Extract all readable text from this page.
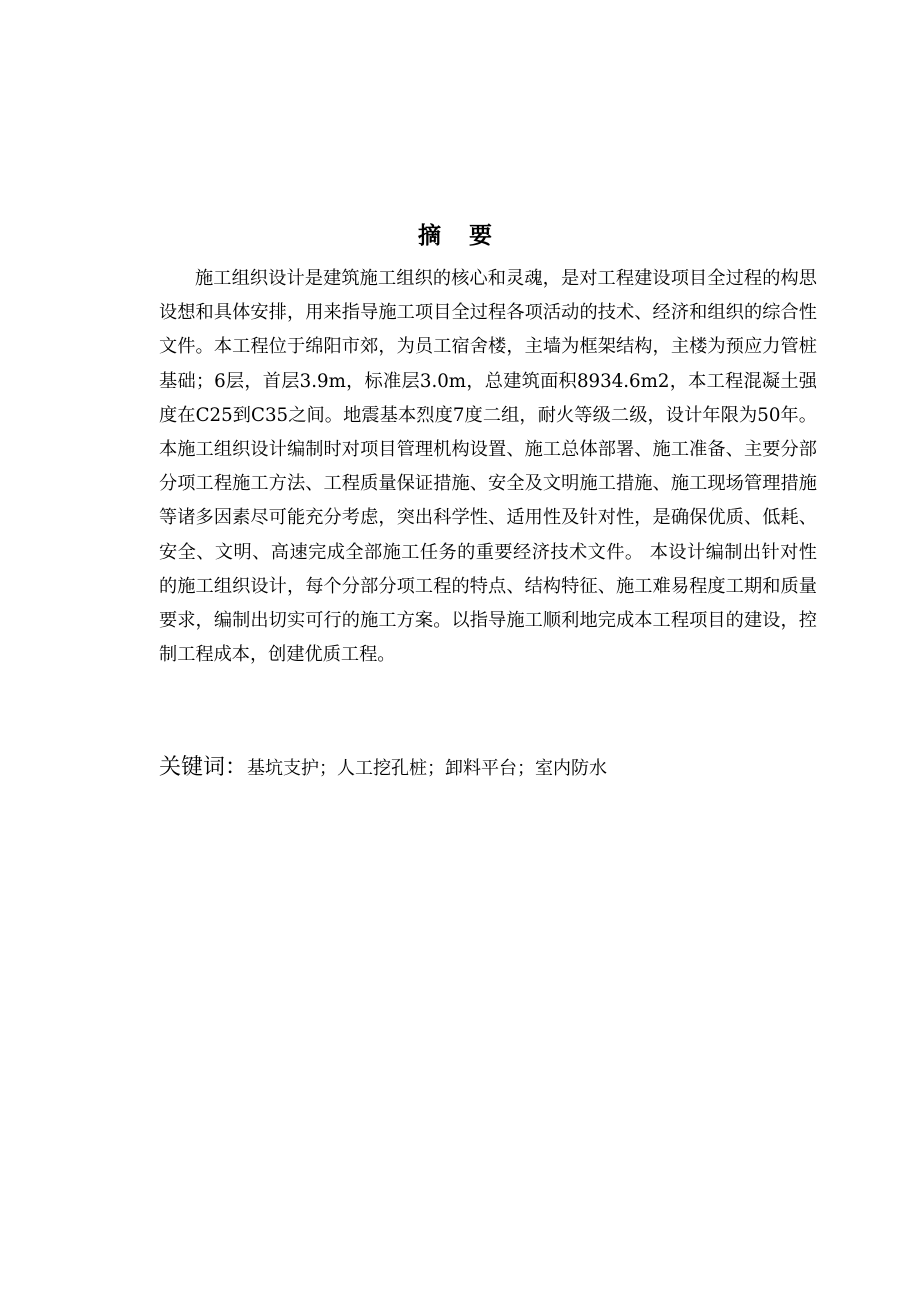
摘 要

施工组织设计是建筑施工组织的核心和灵魂，是对工程建设项目全过程的构思设想和具体安排，用来指导施工项目全过程各项活动的技术、经济和组织的综合性文件。本工程位于绵阳市郊，为员工宿舍楼，主墙为框架结构，主楼为预应力管桩基础；6层，首层3.9m，标准层3.0m，总建筑面积8934.6m2，本工程混凝土强度在C25到C35之间。地震基本烈度7度二组，耐火等级二级，设计年限为50年。本施工组织设计编制时对项目管理机构设置、施工总体部署、施工准备、主要分部分项工程施工方法、工程质量保证措施、安全及文明施工措施、施工现场管理措施等诸多因素尽可能充分考虑，突出科学性、适用性及针对性，是确保优质、低耗、安全、文明、高速完成全部施工任务的重要经济技术文件。 本设计编制出针对性的施工组织设计，每个分部分项工程的特点、结构特征、施工难易程度工期和质量要求，编制出切实可行的施工方案。以指导施工顺利地完成本工程项目的建设，控制工程成本，创建优质工程。

关键词：基坑支护；人工挖孔桩；卸料平台；室内防水
